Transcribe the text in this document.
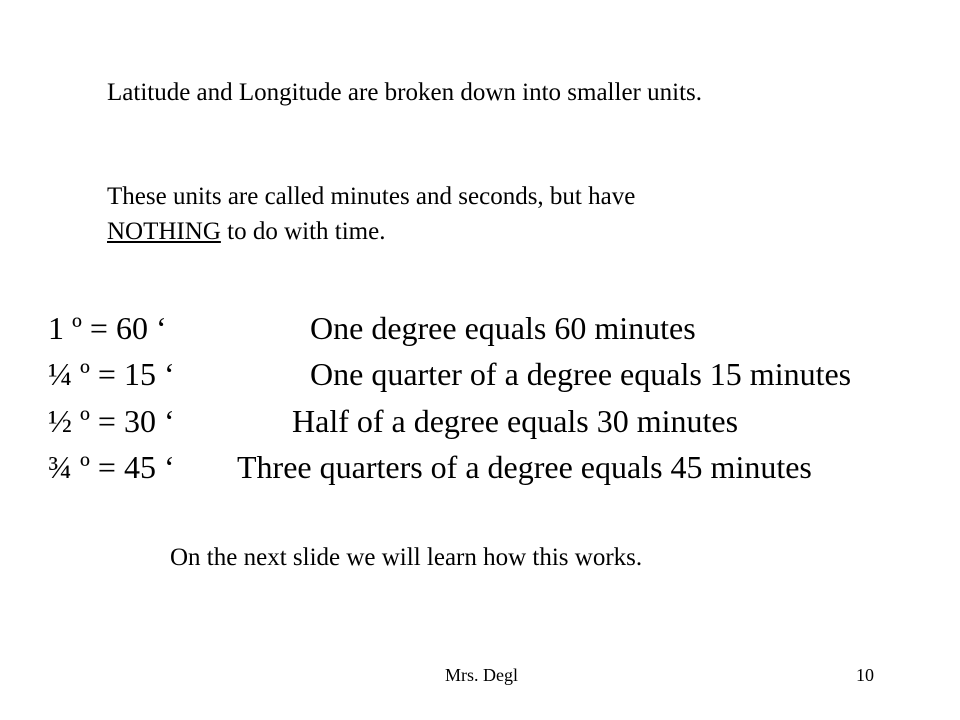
Latitude and Longitude are broken down into smaller units.
These units are called minutes and seconds, but have
NOTHING to do with time.
1 º = 60 ‘	One degree equals 60 minutes
¼ º = 15 ‘	One quarter of a degree equals 15 minutes
½ º = 30 ‘	Half of a degree equals 30 minutes
¾ º = 45 ‘ Three quarters of a degree equals 45 minutes
On the next slide we will learn how this works.
Mrs. Degl	10
